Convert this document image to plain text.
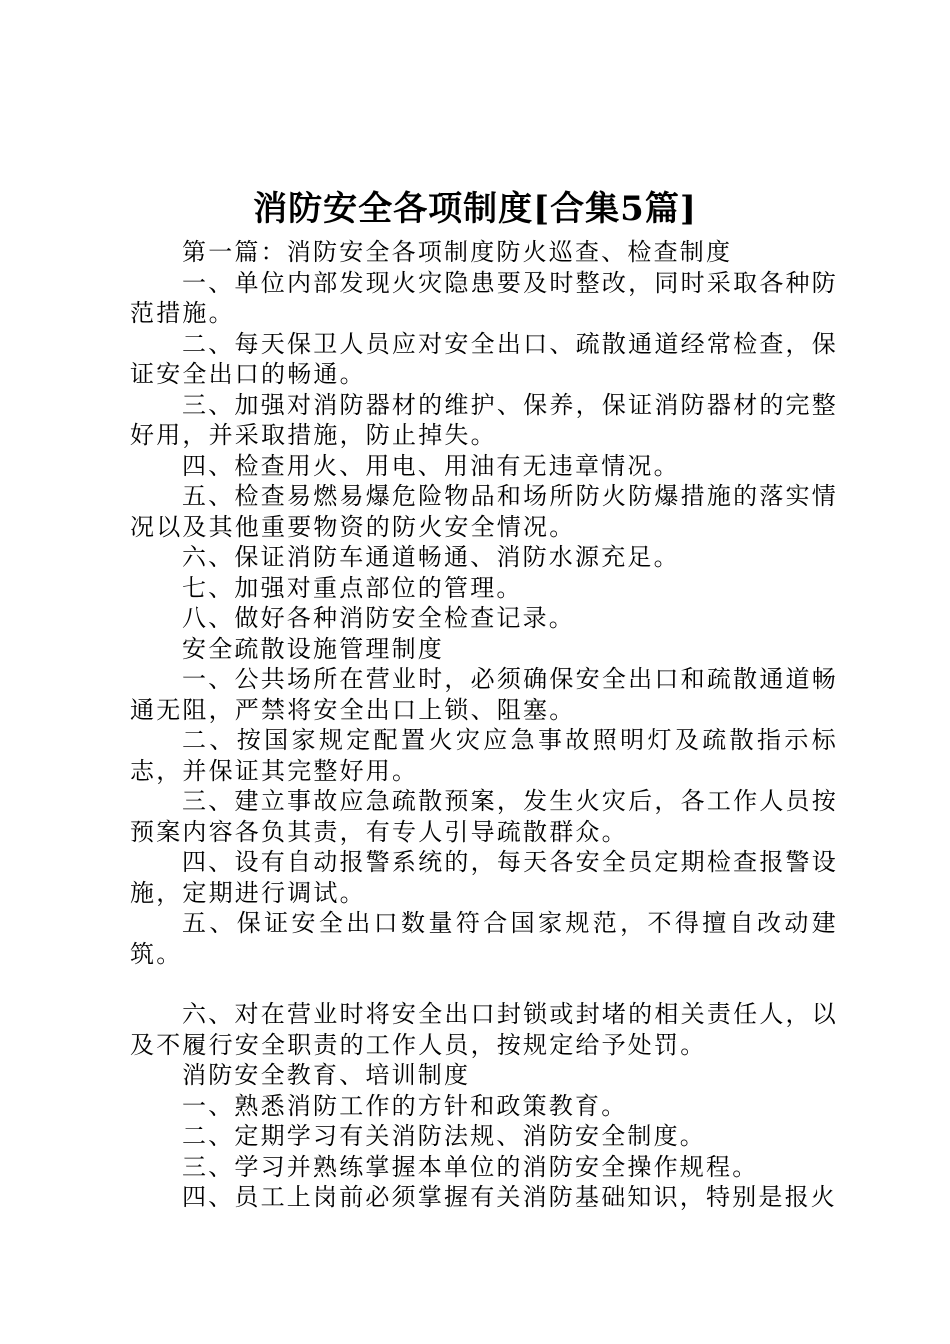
消防安全各项制度[合集5篇]

第一篇：消防安全各项制度防火巡查、检查制度

一、单位内部发现火灾隐患要及时整改，同时采取各种防范措施。

二、每天保卫人员应对安全出口、疏散通道经常检查，保证安全出口的畅通。

三、加强对消防器材的维护、保养，保证消防器材的完整好用，并采取措施，防止掉失。

四、检查用火、用电、用油有无违章情况。

五、检查易燃易爆危险物品和场所防火防爆措施的落实情况以及其他重要物资的防火安全情况。

六、保证消防车通道畅通、消防水源充足。

七、加强对重点部位的管理。

八、做好各种消防安全检查记录。

安全疏散设施管理制度

一、公共场所在营业时，必须确保安全出口和疏散通道畅通无阻，严禁将安全出口上锁、阻塞。

二、按国家规定配置火灾应急事故照明灯及疏散指示标志，并保证其完整好用。

三、建立事故应急疏散预案，发生火灾后，各工作人员按预案内容各负其责，有专人引导疏散群众。

四、设有自动报警系统的，每天各安全员定期检查报警设施，定期进行调试。

五、保证安全出口数量符合国家规范，不得擅自改动建筑。

六、对在营业时将安全出口封锁或封堵的相关责任人，以及不履行安全职责的工作人员，按规定给予处罚。

消防安全教育、培训制度

一、熟悉消防工作的方针和政策教育。

二、定期学习有关消防法规、消防安全制度。

三、学习并熟练掌握本单位的消防安全操作规程。

四、员工上岗前必须掌握有关消防基础知识，特别是报火
